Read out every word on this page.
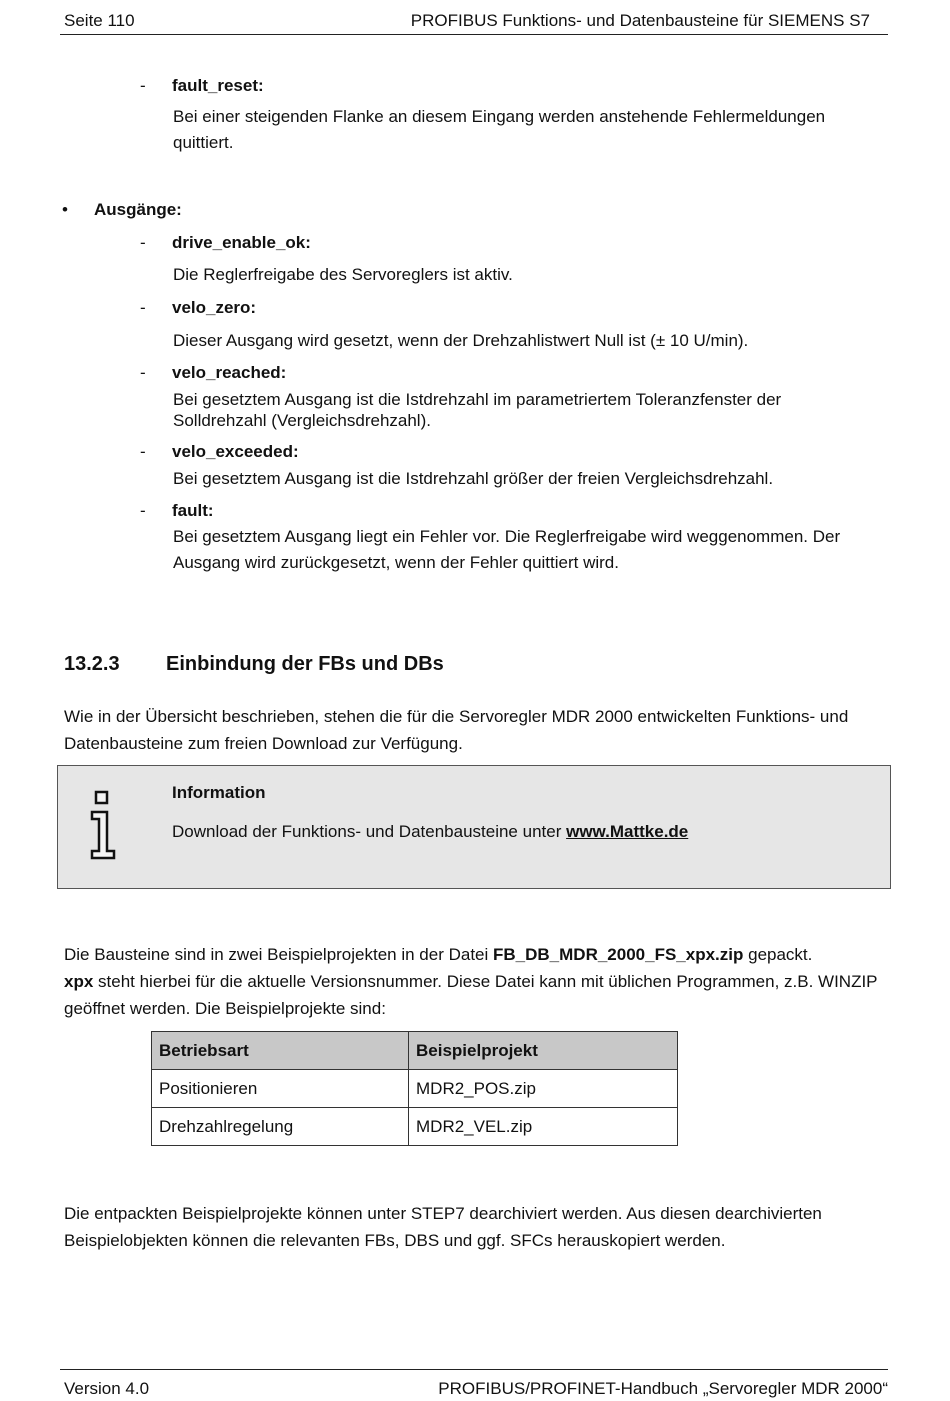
Seite 110	PROFIBUS Funktions- und Datenbausteine für SIEMENS S7
- fault_reset:
Bei einer steigenden Flanke an diesem Eingang werden anstehende Fehlermeldungen quittiert.
• Ausgänge:
- drive_enable_ok:
Die Reglerfreigabe des Servoreglers ist aktiv.
- velo_zero:
Dieser Ausgang wird gesetzt, wenn der Drehzahlistwert Null ist (± 10 U/min).
- velo_reached:
Bei gesetztem Ausgang ist die Istdrehzahl im parametriertem Toleranzfenster der Solldrehzahl (Vergleichsdrehzahl).
- velo_exceeded:
Bei gesetztem Ausgang ist die Istdrehzahl größer der freien Vergleichsdrehzahl.
- fault:
Bei gesetztem Ausgang liegt ein Fehler vor. Die Reglerfreigabe wird weggenommen. Der Ausgang wird zurückgesetzt, wenn der Fehler quittiert wird.
13.2.3 Einbindung der FBs und DBs
Wie in der Übersicht beschrieben, stehen die für die Servoregler MDR 2000 entwickelten Funktions- und Datenbausteine zum freien Download zur Verfügung.
Information
Download der Funktions- und Datenbausteine unter www.Mattke.de
Die Bausteine sind in zwei Beispielprojekten in der Datei FB_DB_MDR_2000_FS_xpx.zip gepackt.
xpx steht hierbei für die aktuelle Versionsnummer. Diese Datei kann mit üblichen Programmen, z.B. WINZIP geöffnet werden. Die Beispielprojekte sind:
Betriebsart	Beispielprojekt
Positionieren	MDR2_POS.zip
Drehzahlregelung	MDR2_VEL.zip
Die entpackten Beispielprojekte können unter STEP7 dearchiviert werden. Aus diesen dearchivierten Beispielobjekten können die relevanten FBs, DBS und ggf. SFCs herauskopiert werden.
Version 4.0	PROFIBUS/PROFINET-Handbuch „Servoregler MDR 2000“
